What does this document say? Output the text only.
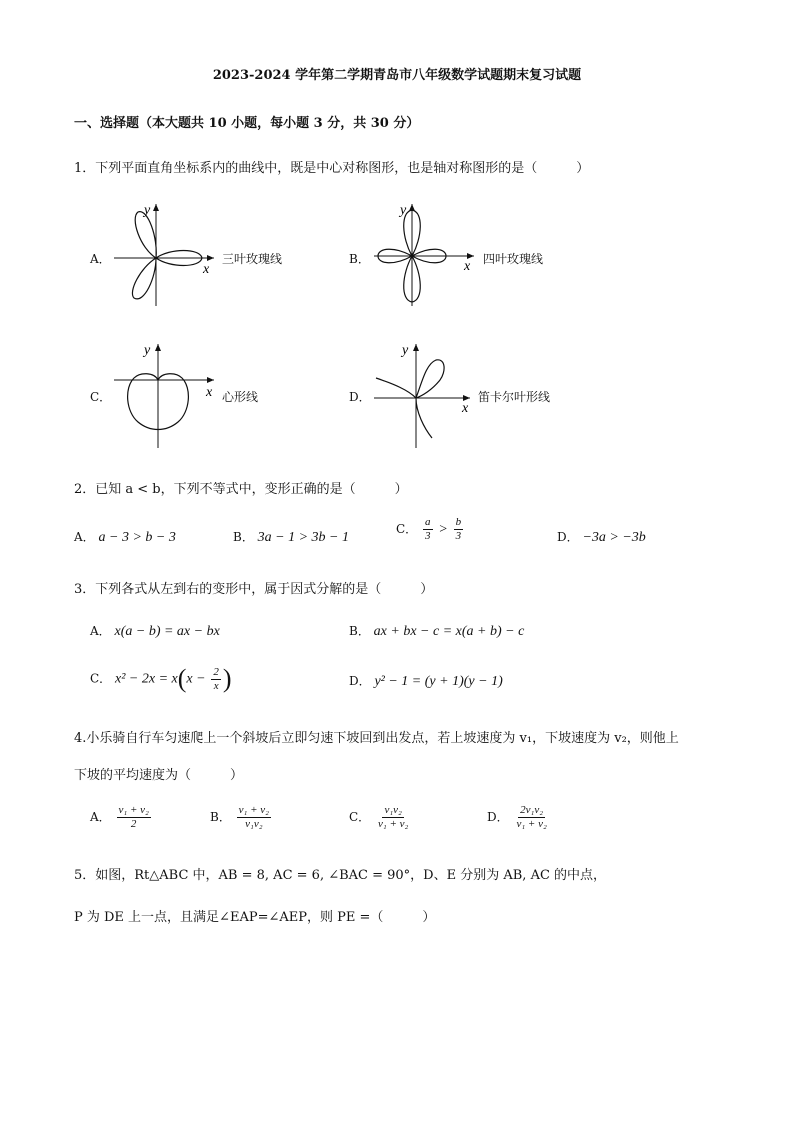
2023-2024 学年第二学期青岛市八年级数学试题期末复习试题
一、选择题（本大题共 10 小题，每小题 3 分，共 30 分）
1．下列平面直角坐标系内的曲线中，既是中心对称图形，也是轴对称图形的是（　　　）
A．
x
y
三叶玫瑰线	B．	x
y
四叶玫瑰线
C．	x
y
心形线	D．
x
y
笛卡尔叶形线
2．已知 a < b，下列不等式中，变形正确的是（　　　）
A． a − 3 > b − 3	B． 3a − 1 > 3b − 1
C． $\frac{a}{3} > \frac{b}{3}$	D． −3a > −3b
3．下列各式从左到右的变形中，属于因式分解的是（　　　）
A． x(a − b) = ax − bx	B． ax + bx − c = x(a + b) − c
C． $x^2 - 2x = x(x - \frac{2}{x}$ )	D． y² − 1 = (y + 1)(y − 1)
4.小乐骑自行车匀速爬上一个斜坡后立即匀速下坡回到出发点，若上坡速度为 v₁，下坡速度为 v₂，则他上
下坡的平均速度为（　　　）
A． $\frac{\text{v₁ + v₂}}{2}$	B． $\frac{\text{v₁ + v₂}}{\text{v₁v₂}}$	C． $\frac{\text{v₁v₂}}{\text{v₁ + v₂}}$	D． $\frac{\text{2v₁v₂}}{\text{v₁ + v₂}}$
5．如图，Rt△ABC 中，AB = 8, AC = 6, ∠BAC = 90°，D、E 分别为 AB, AC 的中点，
P 为 DE 上一点，且满足∠EAP=∠AEP，则 PE =（　　　）
